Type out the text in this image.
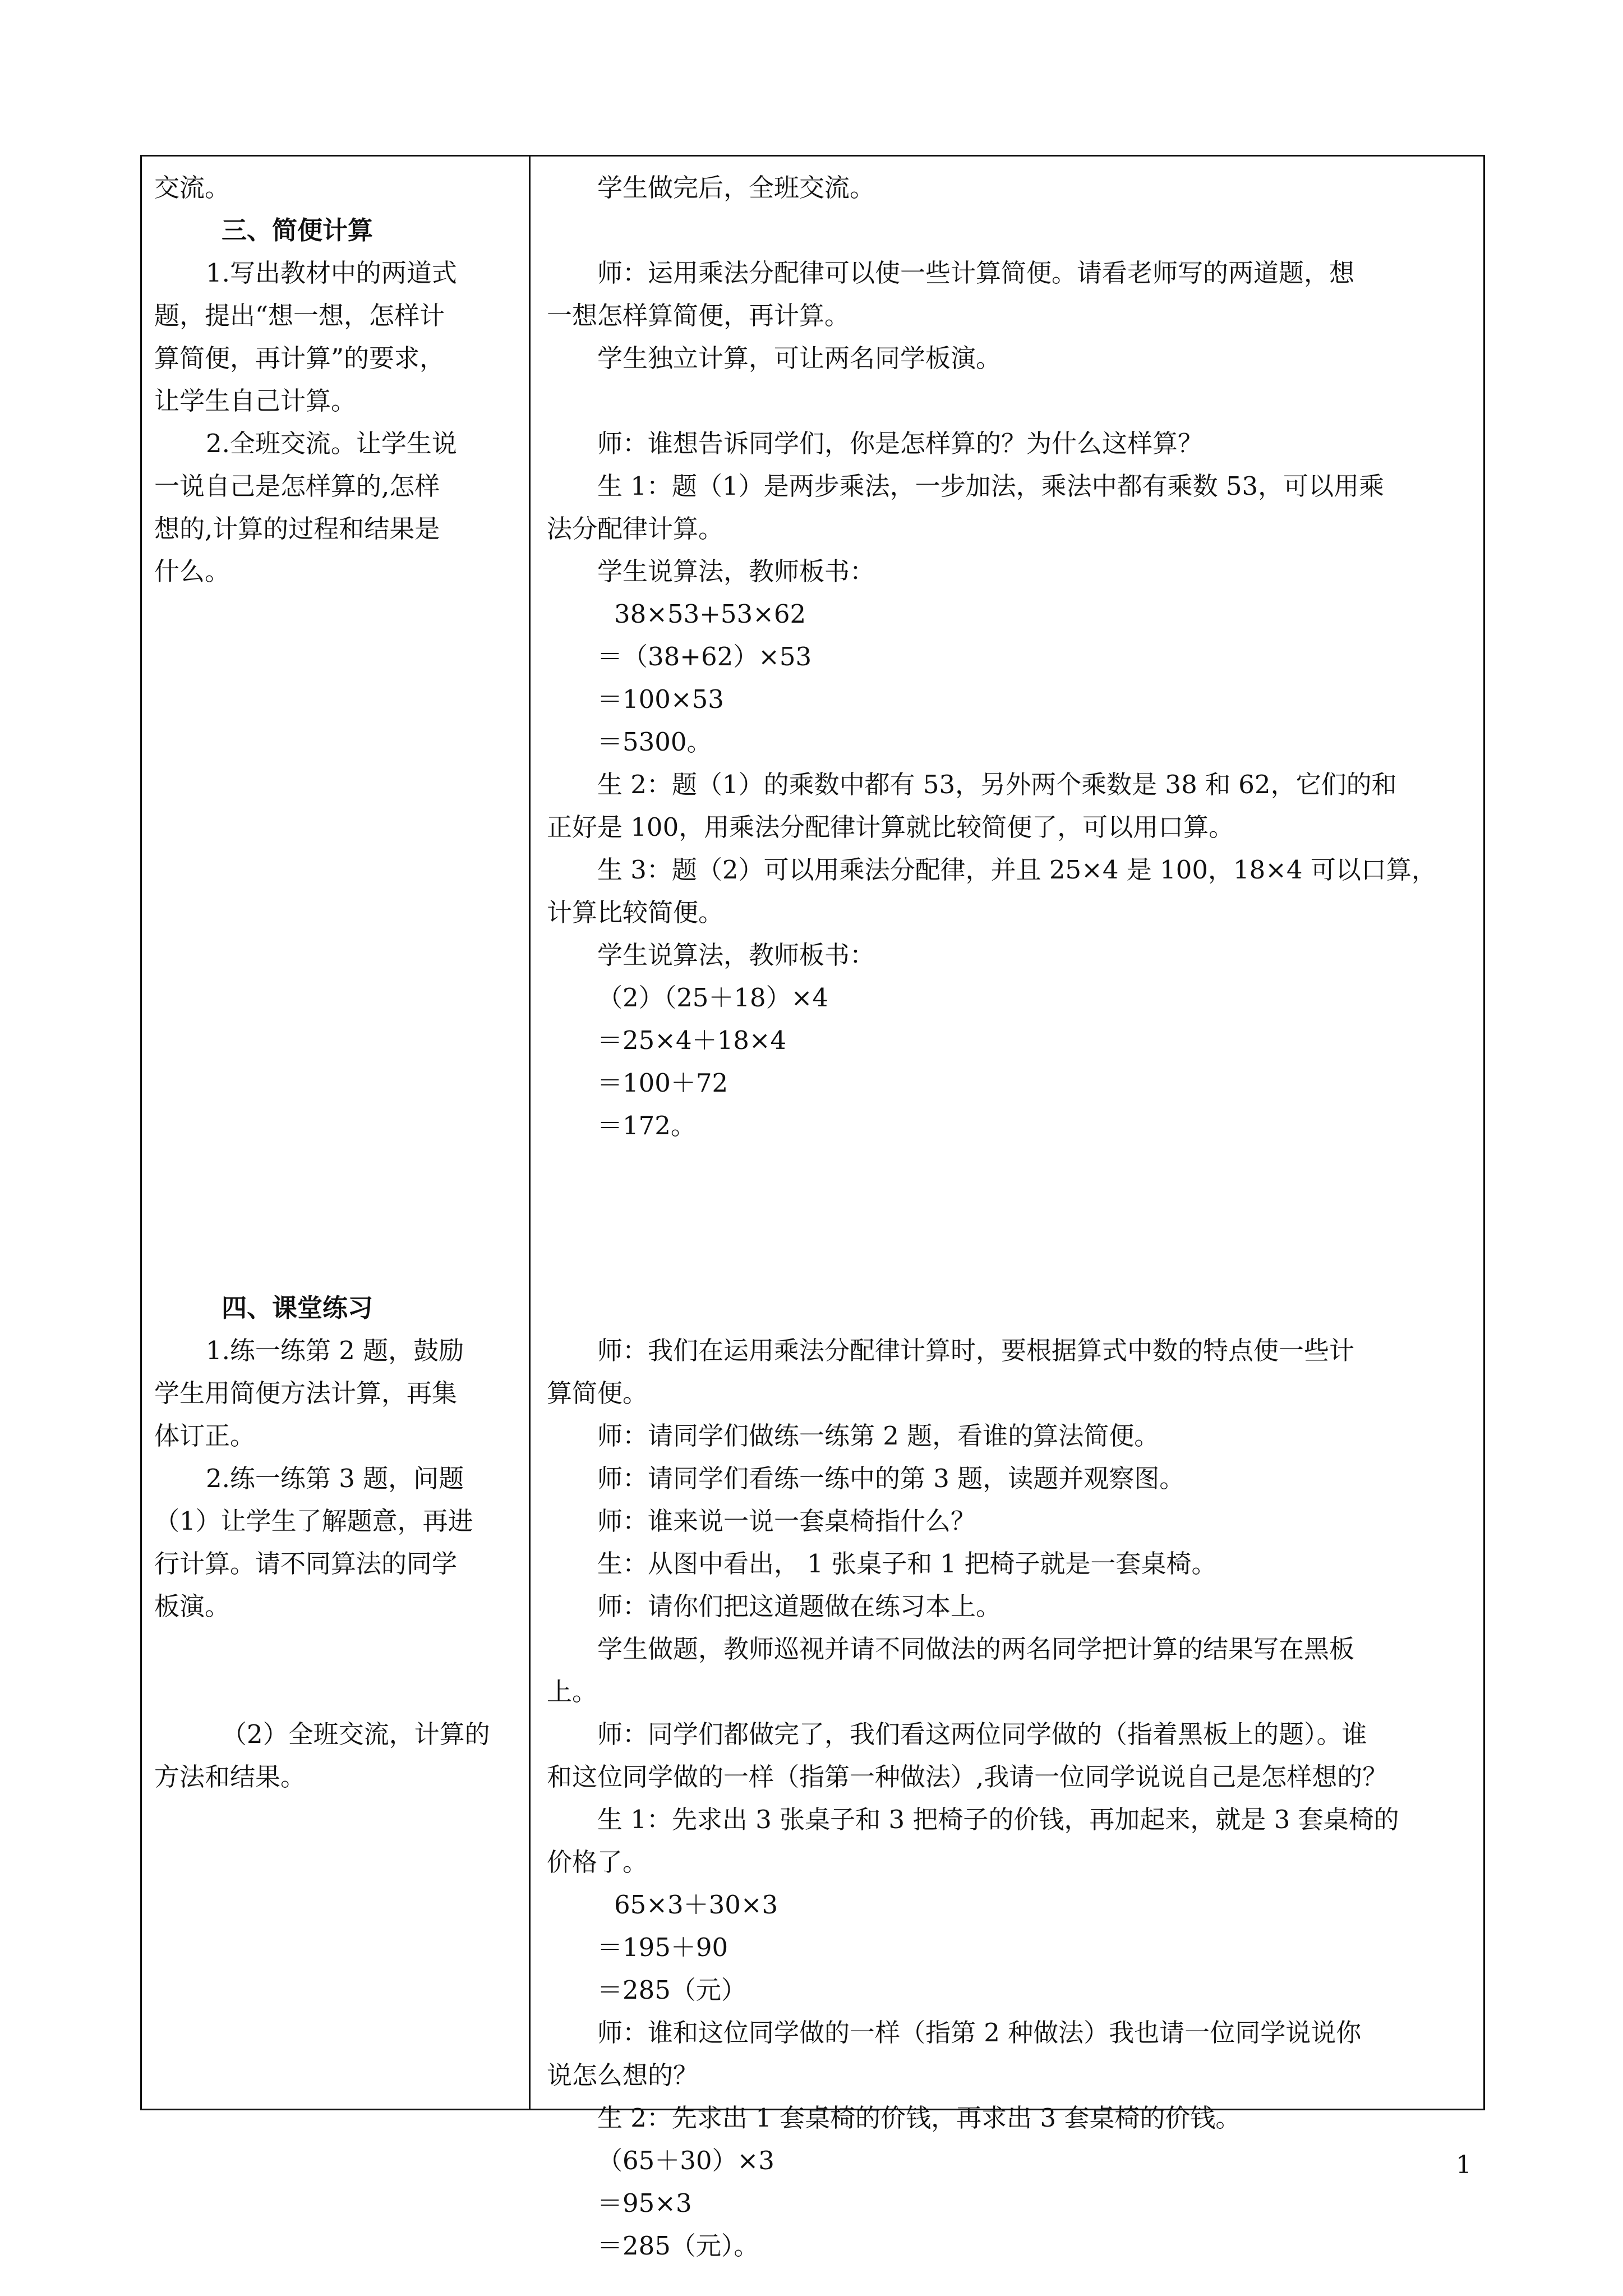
交流。
三、简便计算
1.写出教材中的两道式
题，提出“想一想，怎样计
算简便，再计算”的要求，
让学生自己计算。
2.全班交流。让学生说
一说自己是怎样算的,怎样
想的,计算的过程和结果是
什么。
四、课堂练习
1.练一练第 2 题，鼓励
学生用简便方法计算，再集
体订正。
2.练一练第 3 题，问题
（1）让学生了解题意，再进
行计算。请不同算法的同学
板演。
（2）全班交流，计算的
方法和结果。
学生做完后，全班交流。
师：运用乘法分配律可以使一些计算简便。请看老师写的两道题，想
一想怎样算简便，再计算。
学生独立计算，可让两名同学板演。
师：谁想告诉同学们，你是怎样算的？为什么这样算？
生 1：题（1）是两步乘法，一步加法，乘法中都有乘数 53，可以用乘
法分配律计算。
学生说算法，教师板书：
38×53+53×62
＝（38+62）×53
＝100×53
＝5300。
生 2：题（1）的乘数中都有 53，另外两个乘数是 38 和 62，它们的和
正好是 100，用乘法分配律计算就比较简便了，可以用口算。
生 3：题（2）可以用乘法分配律，并且 25×4 是 100，18×4 可以口算，
计算比较简便。
学生说算法，教师板书：
（2）（25＋18）×4
＝25×4＋18×4
＝100＋72
＝172。
师：我们在运用乘法分配律计算时，要根据算式中数的特点使一些计
算简便。
师：请同学们做练一练第 2 题，看谁的算法简便。
师：请同学们看练一练中的第 3 题，读题并观察图。
师：谁来说一说一套桌椅指什么？
生：从图中看出， 1 张桌子和 1 把椅子就是一套桌椅。
师：请你们把这道题做在练习本上。
学生做题，教师巡视并请不同做法的两名同学把计算的结果写在黑板
上。
师：同学们都做完了，我们看这两位同学做的（指着黑板上的题）。谁
和这位同学做的一样（指第一种做法）,我请一位同学说说自己是怎样想的？
生 1：先求出 3 张桌子和 3 把椅子的价钱，再加起来，就是 3 套桌椅的
价格了。
65×3＋30×3
＝195＋90
＝285（元）
师：谁和这位同学做的一样（指第 2 种做法）我也请一位同学说说你
说怎么想的？
生 2：先求出 1 套桌椅的价钱，再求出 3 套桌椅的价钱。
（65＋30）×3
＝95×3
＝285（元）。
1
